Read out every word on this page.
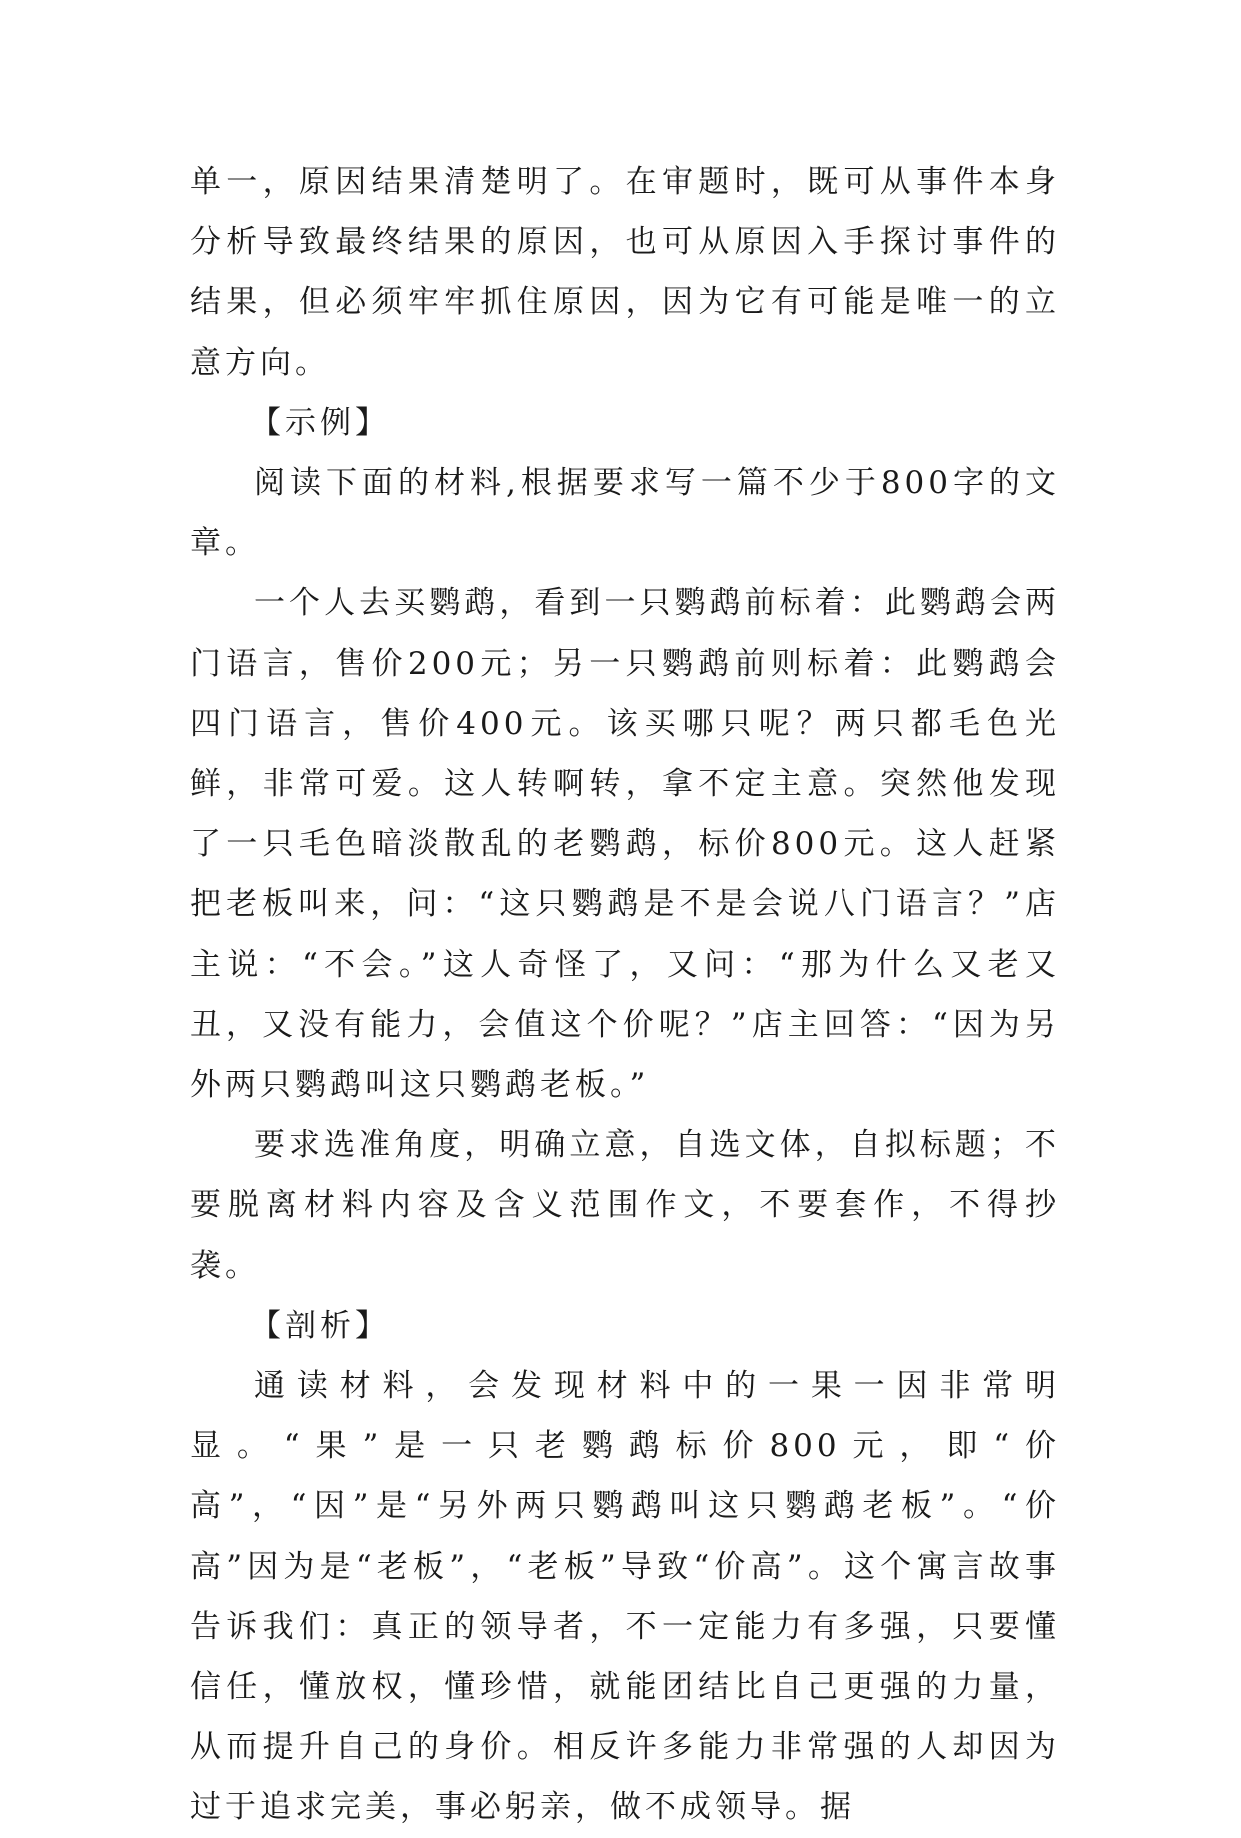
单一，原因结果清楚明了。在审题时，既可从事件本身分析导致最终结果的原因，也可从原因入手探讨事件的结果，但必须牢牢抓住原因，因为它有可能是唯一的立意方向。

【示例】

阅读下面的材料,根据要求写一篇不少于800字的文章。

一个人去买鹦鹉，看到一只鹦鹉前标着：此鹦鹉会两门语言，售价200元；另一只鹦鹉前则标着：此鹦鹉会四门语言，售价400元。该买哪只呢？两只都毛色光鲜，非常可爱。这人转啊转，拿不定主意。突然他发现了一只毛色暗淡散乱的老鹦鹉，标价800元。这人赶紧把老板叫来，问：“这只鹦鹉是不是会说八门语言？”店主说：“不会。”这人奇怪了，又问：“那为什么又老又丑，又没有能力，会值这个价呢？”店主回答：“因为另外两只鹦鹉叫这只鹦鹉老板。”

要求选准角度，明确立意，自选文体，自拟标题；不要脱离材料内容及含义范围作文，不要套作，不得抄袭。

【剖析】

通读材料，会发现材料中的一果一因非常明显。“果”是一只老鹦鹉标价800元，即“价高”，“因”是“另外两只鹦鹉叫这只鹦鹉老板”。“价高”因为是“老板”，“老板”导致“价高”。这个寓言故事告诉我们：真正的领导者，不一定能力有多强，只要懂信任，懂放权，懂珍惜，就能团结比自己更强的力量，从而提升自己的身价。相反许多能力非常强的人却因为过于追求完美，事必躬亲，做不成领导。据
